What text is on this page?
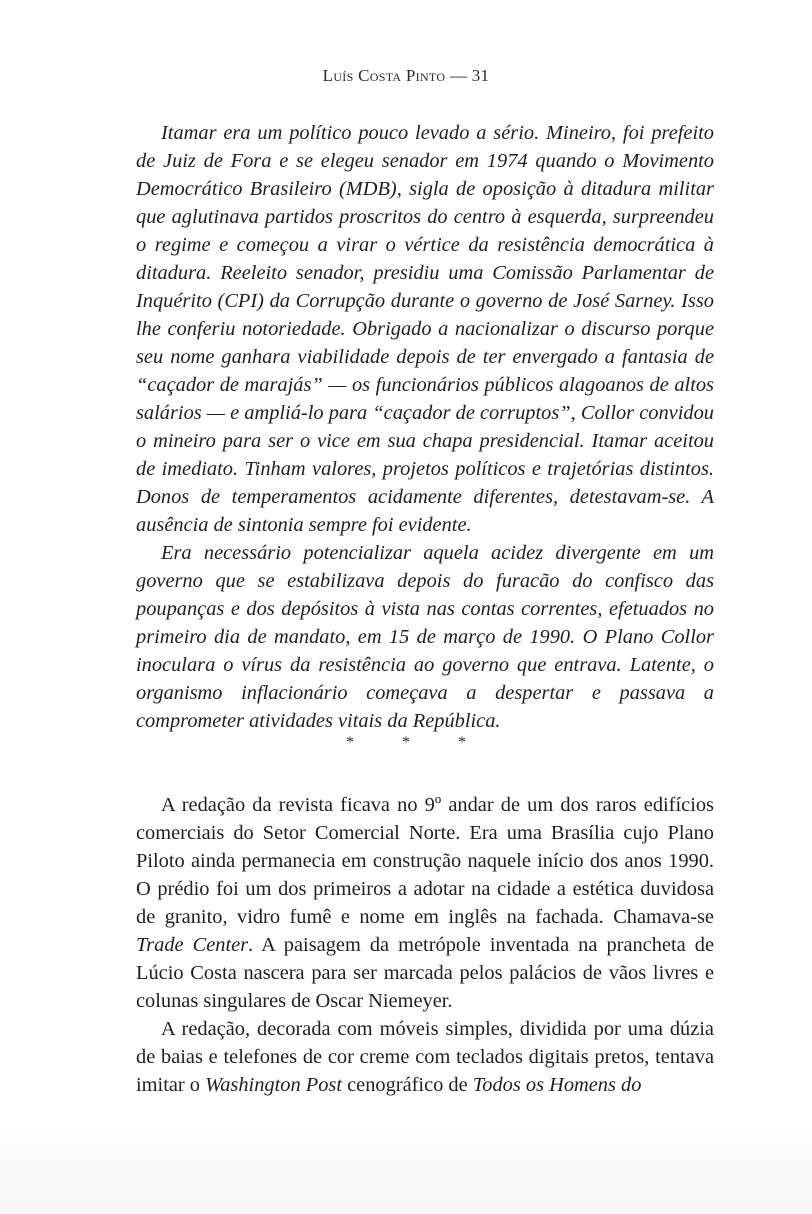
Luís Costa Pinto — 31

Itamar era um político pouco levado a sério. Mineiro, foi prefeito de Juiz de Fora e se elegeu senador em 1974 quando o Movimento Democrático Brasileiro (MDB), sigla de oposição à ditadura militar que aglutinava partidos proscritos do centro à esquerda, surpreendeu o regime e começou a virar o vértice da resistência democrática à ditadura. Reeleito senador, presidiu uma Comissão Parlamentar de Inquérito (CPI) da Corrupção durante o governo de José Sarney. Isso lhe conferiu notoriedade. Obrigado a nacionalizar o discurso porque seu nome ganhara viabilidade depois de ter envergado a fantasia de “caçador de marajás” — os funcionários públicos alagoanos de altos salários — e ampliá-lo para “caçador de corruptos”, Collor convidou o mineiro para ser o vice em sua chapa presidencial. Itamar aceitou de imediato. Tinham valores, projetos políticos e trajetórias distintos. Donos de temperamentos acidamente diferentes, detestavam-se. A ausência de sintonia sempre foi evidente.

Era necessário potencializar aquela acidez divergente em um governo que se estabilizava depois do furacão do confisco das poupanças e dos depósitos à vista nas contas correntes, efetuados no primeiro dia de mandato, em 15 de março de 1990. O Plano Collor inoculara o vírus da resistência ao governo que entrava. Latente, o organismo inflacionário começava a despertar e passava a comprometer atividades vitais da República.

* * *

A redação da revista ficava no 9º andar de um dos raros edifícios comerciais do Setor Comercial Norte. Era uma Brasília cujo Plano Piloto ainda permanecia em construção naquele início dos anos 1990. O prédio foi um dos primeiros a adotar na cidade a estética duvidosa de granito, vidro fumê e nome em inglês na fachada. Chamava-se Trade Center. A paisagem da metrópole inventada na prancheta de Lúcio Costa nascera para ser marcada pelos palácios de vãos livres e colunas singulares de Oscar Niemeyer.

A redação, decorada com móveis simples, dividida por uma dúzia de baias e telefones de cor creme com teclados digitais pretos, tentava imitar o Washington Post cenográfico de Todos os Homens do
